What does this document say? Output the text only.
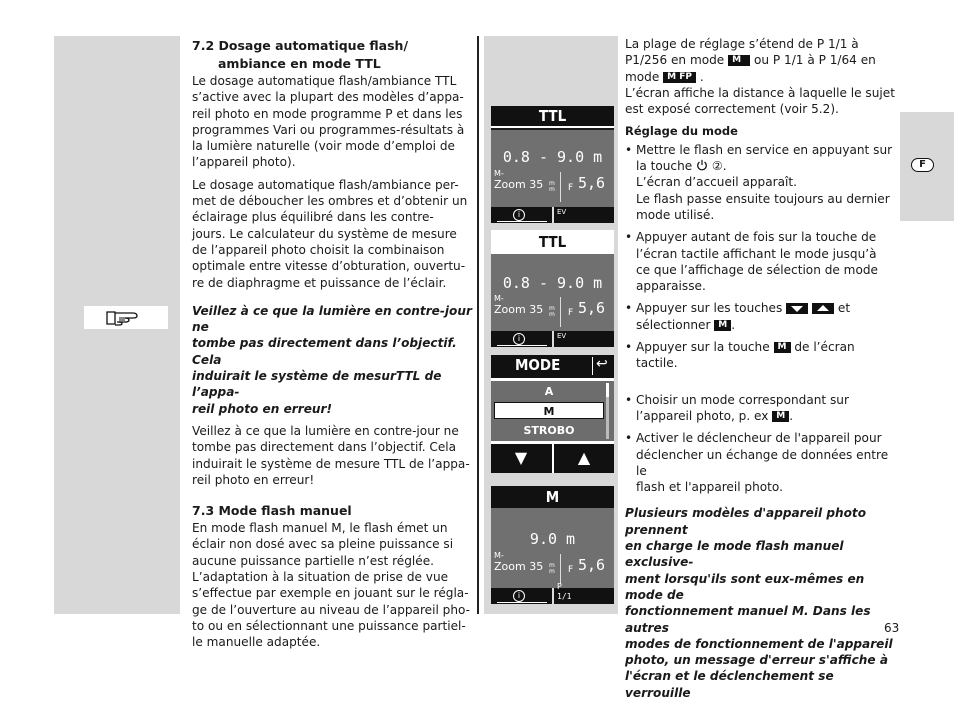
7.2 Dosage automatique flash/
ambiance en mode TTL

Le dosage automatique flash/ambiance TTL
s’active avec la plupart des modèles d’appa-
reil photo en mode programme P et dans les
programmes Vari ou programmes-résultats à
la lumière naturelle (voir mode d’emploi de
l’appareil photo).

Le dosage automatique flash/ambiance per-
met de déboucher les ombres et d’obtenir un
éclairage plus équilibré dans les contre-
jours. Le calculateur du système de mesure
de l’appareil photo choisit la combinaison
optimale entre vitesse d’obturation, ouvertu-
re de diaphragme et puissance de l’éclair.

Veillez à ce que la lumière en contre-jour ne
tombe pas directement dans l’objectif. Cela
induirait le système de mesurTTL de l’appa-
reil photo en erreur!

Veillez à ce que la lumière en contre-jour ne
tombe pas directement dans l’objectif. Cela
induirait le système de mesure TTL de l’appa-
reil photo en erreur!

7.3 Mode flash manuel

En mode flash manuel M, le flash émet un
éclair non dosé avec sa pleine puissance si
aucune puissance partielle n’est réglée.
L’adaptation à la situation de prise de vue
s’effectue par exemple en jouant sur le régla-
ge de l’ouverture au niveau de l’appareil pho-
to ou en sélectionnant une puissance partiel-
le manuelle adaptée.

TTL
0.8 - 9.0 m
M-
Zoom 35 m
m F 5,6
i	EV
TTL
0.8 - 9.0 m
M-
Zoom 35 m
m F 5,6
i	EV
MODE	↩
A
M
STROBO
▼	▲
M
9.0 m
M-
Zoom 35 m
m F 5,6
i
P
1/1
La plage de réglage s’étend de P 1/1 à
P1/256 en mode M ou P 1/1 à P 1/64 en
mode M FP .

L’écran affiche la distance à laquelle le sujet
est exposé correctement (voir 5.2).

Réglage du mode
• Mettre le flash en service en appuyant sur
la touche ②.
L’écran d’accueil apparaît.
Le flash passe ensuite toujours au dernier
mode utilisé.
• Appuyer autant de fois sur la touche de
l’écran tactile affichant le mode jusqu’à
ce que l’affichage de sélection de mode
apparaisse.
• Appuyer sur les touches	et
sélectionner M .
• Appuyer sur la touche M de l’écran tactile.
• Choisir un mode correspondant sur
l’appareil photo, p. ex M .
• Activer le déclencheur de l'appareil pour
déclencher un échange de données entre le
flash et l'appareil photo.

Plusieurs modèles d'appareil photo prennent
en charge le mode flash manuel exclusive-
ment lorsqu'ils sont eux-mêmes en mode de
fonctionnement manuel M. Dans les autres
modes de fonctionnement de l'appareil
photo, un message d'erreur s'affiche à
l'écran et le déclenchement se verrouille

F
63
